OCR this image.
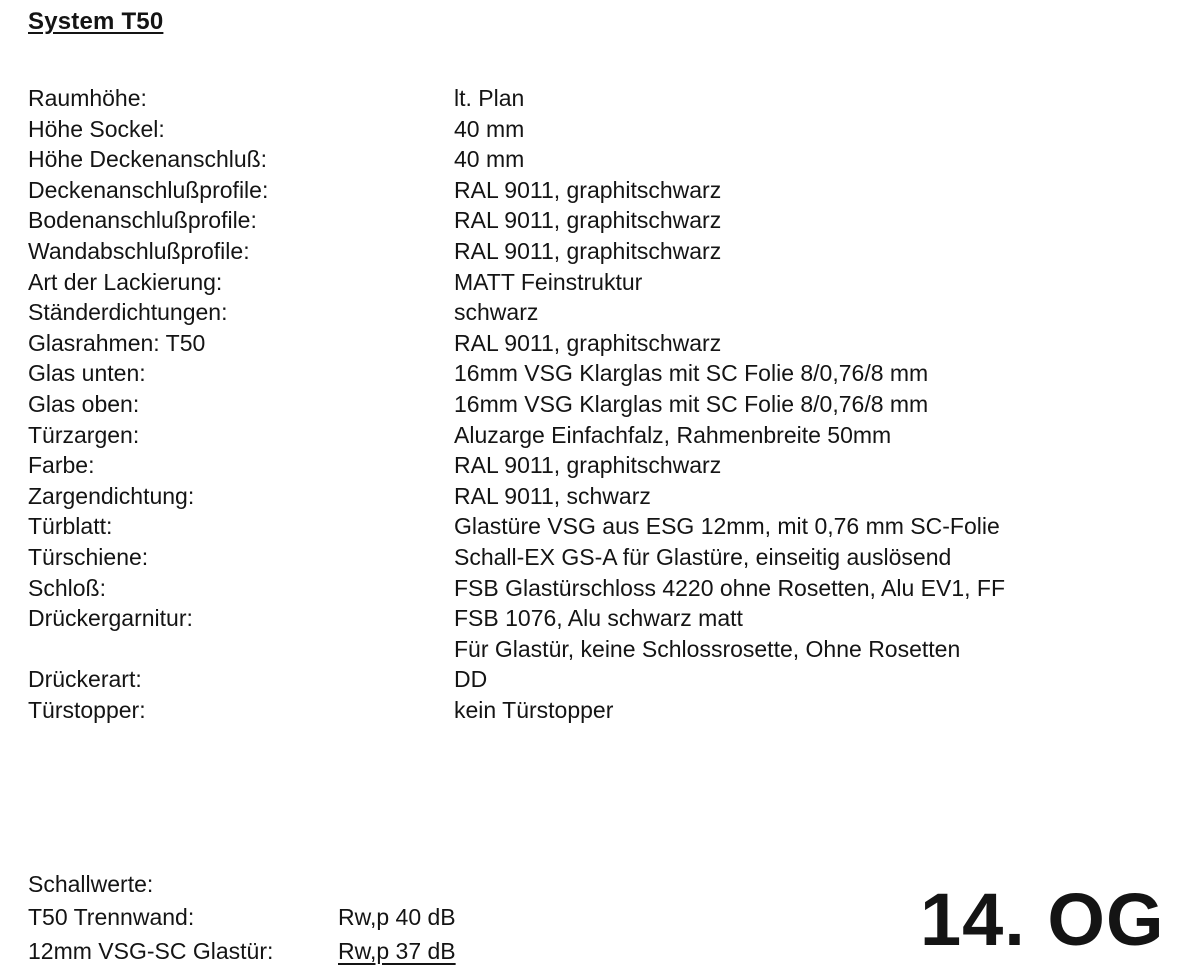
System T50
Raumhöhe:	lt. Plan
Höhe Sockel:	40 mm
Höhe Deckenanschluß:	40 mm
Deckenanschlußprofile:	RAL 9011, graphitschwarz
Bodenanschlußprofile:	RAL 9011, graphitschwarz
Wandabschlußprofile:	RAL 9011, graphitschwarz
Art der Lackierung:	MATT Feinstruktur
Ständerdichtungen:	schwarz
Glasrahmen: T50	RAL 9011, graphitschwarz
Glas unten:	16mm VSG Klarglas mit SC Folie 8/0,76/8 mm
Glas oben:	16mm VSG Klarglas mit SC Folie 8/0,76/8 mm
Türzargen:	Aluzarge Einfachfalz, Rahmenbreite 50mm
Farbe:	RAL 9011, graphitschwarz
Zargendichtung:	RAL 9011, schwarz
Türblatt:	Glastüre VSG aus ESG 12mm, mit 0,76 mm SC-Folie
Türschiene:	Schall-EX GS-A für Glastüre, einseitig auslösend
Schloß:	FSB Glastürschloss 4220 ohne Rosetten, Alu EV1, FF
Drückergarnitur:	FSB 1076, Alu schwarz matt
Für Glastür, keine Schlossrosette, Ohne Rosetten
Drückerart:	DD
Türstopper:	kein Türstopper
Schallwerte:
T50 Trennwand:	Rw,p 40 dB
12mm VSG-SC Glastür:	Rw,p 37 dB	14. OG
